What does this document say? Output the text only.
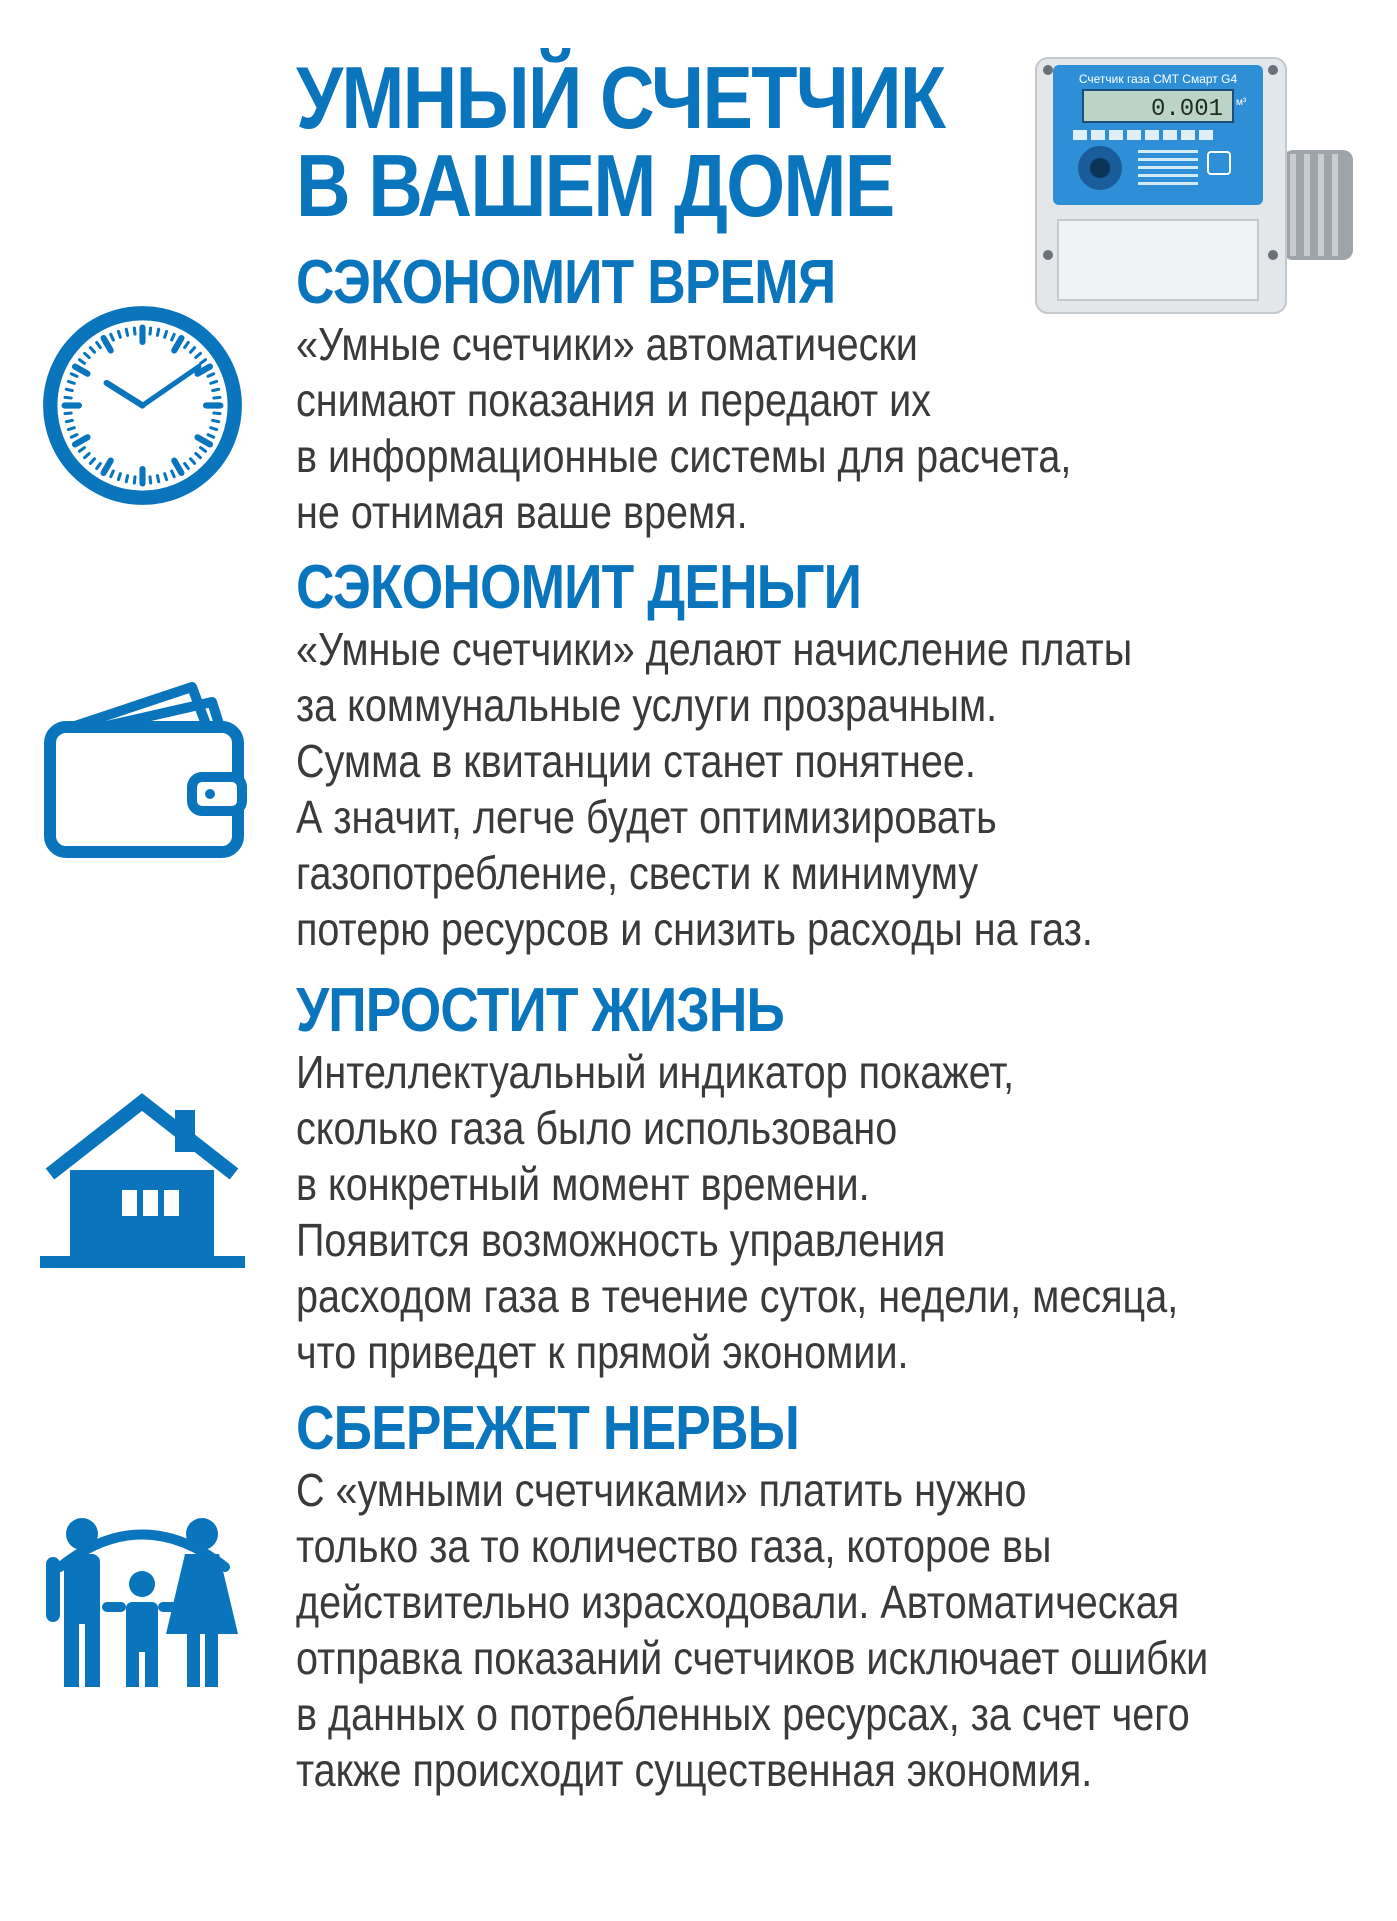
УМНЫЙ СЧЕТЧИК
В ВАШЕМ ДОМЕ
Счетчик газа СМТ Смарт G4
0.001 м³
СЭКОНОМИТ ВРЕМЯ

«Умные счетчики» автоматически
снимают показания и передают их
в информационные системы для расчета,
не отнимая ваше время.

СЭКОНОМИТ ДЕНЬГИ

«Умные счетчики» делают начисление платы
за коммунальные услуги прозрачным.
Сумма в квитанции станет понятнее.
А значит, легче будет оптимизировать
газопотребление, свести к минимуму
потерю ресурсов и снизить расходы на газ.

УПРОСТИТ ЖИЗНЬ

Интеллектуальный индикатор покажет,
сколько газа было использовано
в конкретный момент времени.
Появится возможность управления
расходом газа в течение суток, недели, месяца,
что приведет к прямой экономии.

СБЕРЕЖЕТ НЕРВЫ

С «умными счетчиками» платить нужно
только за то количество газа, которое вы
действительно израсходовали. Автоматическая
отправка показаний счетчиков исключает ошибки
в данных о потребленных ресурсах, за счет чего
также происходит существенная экономия.
